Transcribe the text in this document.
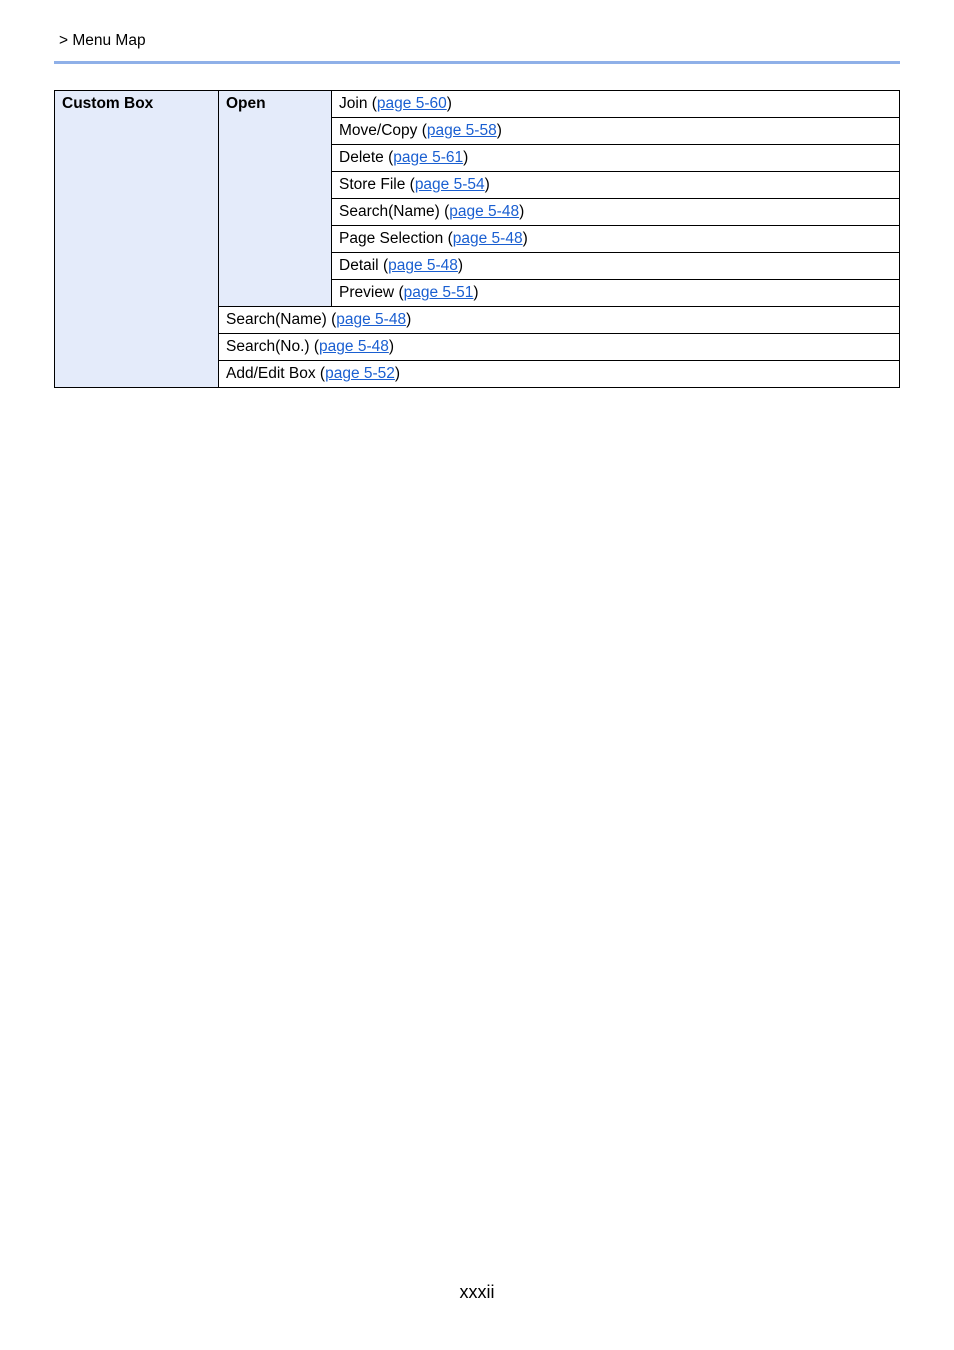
> Menu Map
Custom Box	Open	Join (page 5-60)
Move/Copy (page 5-58)
Delete (page 5-61)
Store File (page 5-54)
Search(Name) (page 5-48)
Page Selection (page 5-48)
Detail (page 5-48)
Preview (page 5-51)
Search(Name) (page 5-48)
Search(No.) (page 5-48)
Add/Edit Box (page 5-52)
xxxii
